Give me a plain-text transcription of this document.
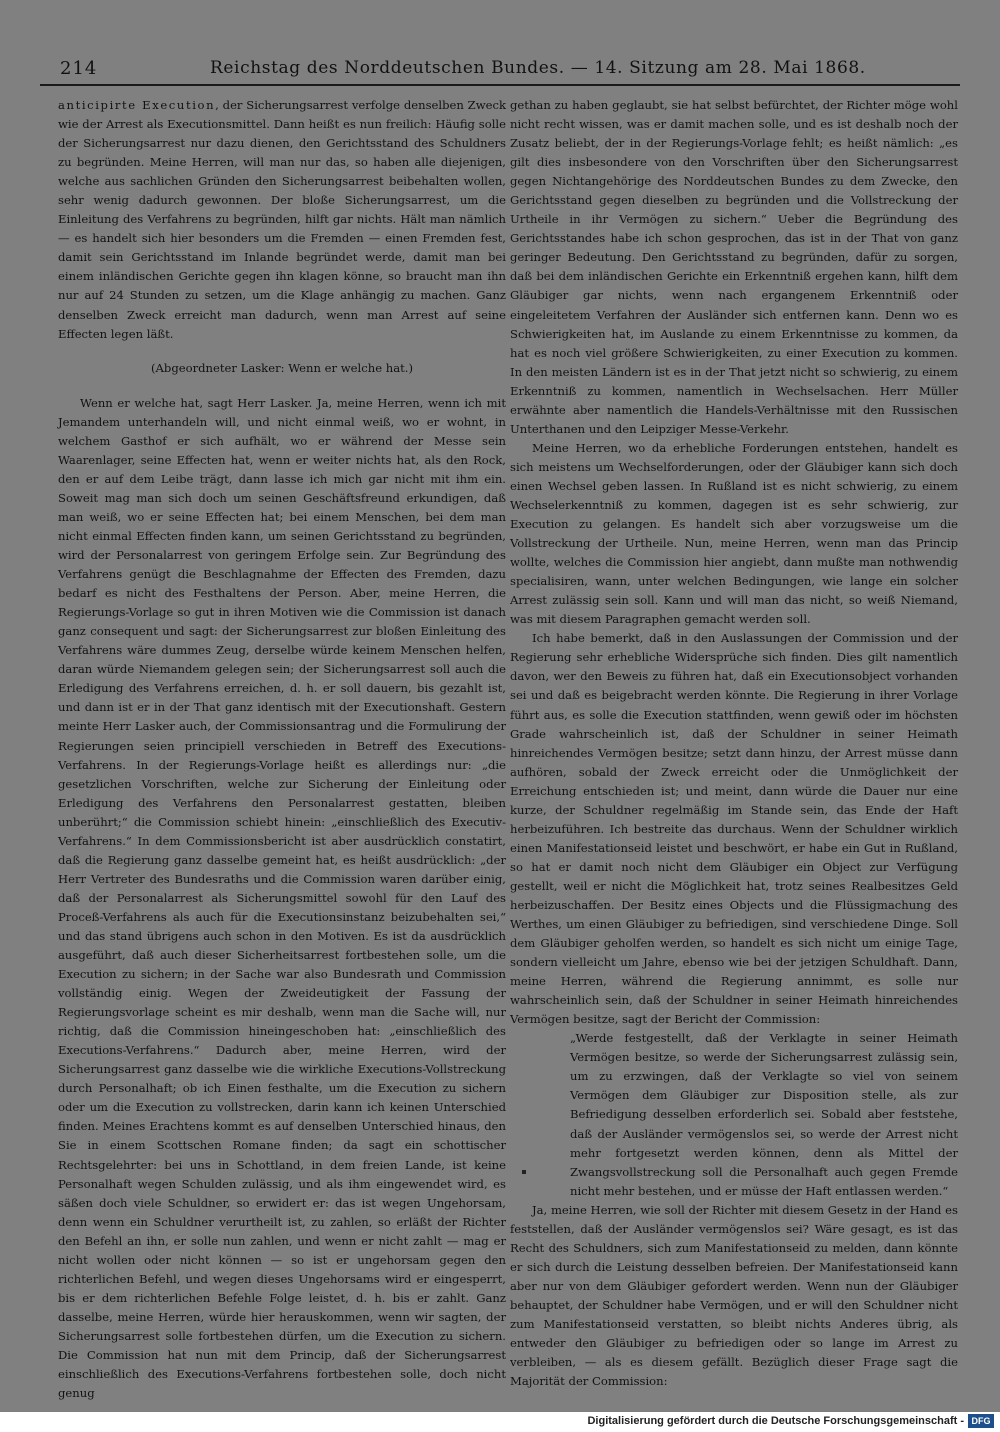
214	Reichstag des Norddeutschen Bundes. — 14. Sitzung am 28. Mai 1868.

anticipirte Execution, der Sicherungsarrest verfolge denselben Zweck wie der Arrest als Executionsmittel. Dann heißt es nun freilich: Häufig solle der Sicherungsarrest nur dazu dienen, den Gerichtsstand des Schuldners zu begründen. Meine Herren, will man nur das, so haben alle diejenigen, welche aus sachlichen Gründen den Sicherungsarrest beibehalten wollen, sehr wenig dadurch gewonnen. Der bloße Sicherungsarrest, um die Einleitung des Verfahrens zu begründen, hilft gar nichts. Hält man nämlich — es handelt sich hier besonders um die Fremden — einen Fremden fest, damit sein Gerichtsstand im Inlande begründet werde, damit man bei einem inländischen Gerichte gegen ihn klagen könne, so braucht man ihn nur auf 24 Stunden zu setzen, um die Klage anhängig zu machen. Ganz denselben Zweck erreicht man dadurch, wenn man Arrest auf seine Effecten legen läßt.

(Abgeordneter Lasker: Wenn er welche hat.)

Wenn er welche hat, sagt Herr Lasker. Ja, meine Herren, wenn ich mit Jemandem unterhandeln will, und nicht einmal weiß, wo er wohnt, in welchem Gasthof er sich aufhält, wo er während der Messe sein Waarenlager, seine Effecten hat, wenn er weiter nichts hat, als den Rock, den er auf dem Leibe trägt, dann lasse ich mich gar nicht mit ihm ein. Soweit mag man sich doch um seinen Geschäftsfreund erkundigen, daß man weiß, wo er seine Effecten hat; bei einem Menschen, bei dem man nicht einmal Effecten finden kann, um seinen Gerichtsstand zu begründen, wird der Personalarrest von geringem Erfolge sein. Zur Begründung des Verfahrens genügt die Beschlagnahme der Effecten des Fremden, dazu bedarf es nicht des Festhaltens der Person. Aber, meine Herren, die Regierungs-Vorlage so gut in ihren Motiven wie die Commission ist danach ganz consequent und sagt: der Sicherungsarrest zur bloßen Einleitung des Verfahrens wäre dummes Zeug, derselbe würde keinem Menschen helfen, daran würde Niemandem gelegen sein; der Sicherungsarrest soll auch die Erledigung des Verfahrens erreichen, d. h. er soll dauern, bis gezahlt ist, und dann ist er in der That ganz identisch mit der Executionshaft. Gestern meinte Herr Lasker auch, der Commissionsantrag und die Formulirung der Regierungen seien principiell verschieden in Betreff des Executions-Verfahrens. In der Regierungs-Vorlage heißt es allerdings nur: „die gesetzlichen Vorschriften, welche zur Sicherung der Einleitung oder Erledigung des Verfahrens den Personalarrest gestatten, bleiben unberührt;“ die Commission schiebt hinein: „einschließlich des Executiv-Verfahrens.“ In dem Commissionsbericht ist aber ausdrücklich constatirt, daß die Regierung ganz dasselbe gemeint hat, es heißt ausdrücklich: „der Herr Vertreter des Bundesraths und die Commission waren darüber einig, daß der Personalarrest als Sicherungsmittel sowohl für den Lauf des Proceß-Verfahrens als auch für die Executionsinstanz beizubehalten sei,“ und das stand übrigens auch schon in den Motiven. Es ist da ausdrücklich ausgeführt, daß auch dieser Sicherheitsarrest fortbestehen solle, um die Execution zu sichern; in der Sache war also Bundesrath und Commission vollständig einig. Wegen der Zweideutigkeit der Fassung der Regierungsvorlage scheint es mir deshalb, wenn man die Sache will, nur richtig, daß die Commission hineingeschoben hat: „einschließlich des Executions-Verfahrens.“ Dadurch aber, meine Herren, wird der Sicherungsarrest ganz dasselbe wie die wirkliche Executions-Vollstreckung durch Personalhaft; ob ich Einen festhalte, um die Execution zu sichern oder um die Execution zu vollstrecken, darin kann ich keinen Unterschied finden. Meines Erachtens kommt es auf denselben Unterschied hinaus, den Sie in einem Scottschen Romane finden; da sagt ein schottischer Rechtsgelehrter: bei uns in Schottland, in dem freien Lande, ist keine Personalhaft wegen Schulden zulässig, und als ihm eingewendet wird, es säßen doch viele Schuldner, so erwidert er: das ist wegen Ungehorsam, denn wenn ein Schuldner verurtheilt ist, zu zahlen, so erläßt der Richter den Befehl an ihn, er solle nun zahlen, und wenn er nicht zahlt — mag er nicht wollen oder nicht können — so ist er ungehorsam gegen den richterlichen Befehl, und wegen dieses Ungehorsams wird er eingesperrt, bis er dem richterlichen Befehle Folge leistet, d. h. bis er zahlt. Ganz dasselbe, meine Herren, würde hier herauskommen, wenn wir sagten, der Sicherungsarrest solle fortbestehen dürfen, um die Execution zu sichern. Die Commission hat nun mit dem Princip, daß der Sicherungsarrest einschließlich des Executions-Verfahrens fortbestehen solle, doch nicht genug

gethan zu haben geglaubt, sie hat selbst befürchtet, der Richter möge wohl nicht recht wissen, was er damit machen solle, und es ist deshalb noch der Zusatz beliebt, der in der Regierungs-Vorlage fehlt; es heißt nämlich: „es gilt dies insbesondere von den Vorschriften über den Sicherungsarrest gegen Nichtangehörige des Norddeutschen Bundes zu dem Zwecke, den Gerichtsstand gegen dieselben zu begründen und die Vollstreckung der Urtheile in ihr Vermögen zu sichern.“ Ueber die Begründung des Gerichtsstandes habe ich schon gesprochen, das ist in der That von ganz geringer Bedeutung. Den Gerichtsstand zu begründen, dafür zu sorgen, daß bei dem inländischen Gerichte ein Erkenntniß ergehen kann, hilft dem Gläubiger gar nichts, wenn nach ergangenem Erkenntniß oder eingeleitetem Verfahren der Ausländer sich entfernen kann. Denn wo es Schwierigkeiten hat, im Auslande zu einem Erkenntnisse zu kommen, da hat es noch viel größere Schwierigkeiten, zu einer Execution zu kommen. In den meisten Ländern ist es in der That jetzt nicht so schwierig, zu einem Erkenntniß zu kommen, namentlich in Wechselsachen. Herr Müller erwähnte aber namentlich die Handels-Verhältnisse mit den Russischen Unterthanen und den Leipziger Messe-Verkehr.

Meine Herren, wo da erhebliche Forderungen entstehen, handelt es sich meistens um Wechselforderungen, oder der Gläubiger kann sich doch einen Wechsel geben lassen. In Rußland ist es nicht schwierig, zu einem Wechselerkenntniß zu kommen, dagegen ist es sehr schwierig, zur Execution zu gelangen. Es handelt sich aber vorzugsweise um die Vollstreckung der Urtheile. Nun, meine Herren, wenn man das Princip wollte, welches die Commission hier angiebt, dann mußte man nothwendig specialisiren, wann, unter welchen Bedingungen, wie lange ein solcher Arrest zulässig sein soll. Kann und will man das nicht, so weiß Niemand, was mit diesem Paragraphen gemacht werden soll.

Ich habe bemerkt, daß in den Auslassungen der Commission und der Regierung sehr erhebliche Widersprüche sich finden. Dies gilt namentlich davon, wer den Beweis zu führen hat, daß ein Executionsobject vorhanden sei und daß es beigebracht werden könnte. Die Regierung in ihrer Vorlage führt aus, es solle die Execution stattfinden, wenn gewiß oder im höchsten Grade wahrscheinlich ist, daß der Schuldner in seiner Heimath hinreichendes Vermögen besitze; setzt dann hinzu, der Arrest müsse dann aufhören, sobald der Zweck erreicht oder die Unmöglichkeit der Erreichung entschieden ist; und meint, dann würde die Dauer nur eine kurze, der Schuldner regelmäßig im Stande sein, das Ende der Haft herbeizuführen. Ich bestreite das durchaus. Wenn der Schuldner wirklich einen Manifestationseid leistet und beschwört, er habe ein Gut in Rußland, so hat er damit noch nicht dem Gläubiger ein Object zur Verfügung gestellt, weil er nicht die Möglichkeit hat, trotz seines Realbesitzes Geld herbeizuschaffen. Der Besitz eines Objects und die Flüssigmachung des Werthes, um einen Gläubiger zu befriedigen, sind verschiedene Dinge. Soll dem Gläubiger geholfen werden, so handelt es sich nicht um einige Tage, sondern vielleicht um Jahre, ebenso wie bei der jetzigen Schuldhaft. Dann, meine Herren, während die Regierung annimmt, es solle nur wahrscheinlich sein, daß der Schuldner in seiner Heimath hinreichendes Vermögen besitze, sagt der Bericht der Commission:

„Werde festgestellt, daß der Verklagte in seiner Heimath Vermögen besitze, so werde der Sicherungsarrest zulässig sein, um zu erzwingen, daß der Verklagte so viel von seinem Vermögen dem Gläubiger zur Disposition stelle, als zur Befriedigung desselben erforderlich sei. Sobald aber feststehe, daß der Ausländer vermögenslos sei, so werde der Arrest nicht mehr fortgesetzt werden können, denn als Mittel der Zwangsvollstreckung soll die Personalhaft auch gegen Fremde nicht mehr bestehen, und er müsse der Haft entlassen werden.“

Ja, meine Herren, wie soll der Richter mit diesem Gesetz in der Hand es feststellen, daß der Ausländer vermögenslos sei? Wäre gesagt, es ist das Recht des Schuldners, sich zum Manifestationseid zu melden, dann könnte er sich durch die Leistung desselben befreien. Der Manifestationseid kann aber nur von dem Gläubiger gefordert werden. Wenn nun der Gläubiger behauptet, der Schuldner habe Vermögen, und er will den Schuldner nicht zum Manifestationseid verstatten, so bleibt nichts Anderes übrig, als entweder den Gläubiger zu befriedigen oder so lange im Arrest zu verbleiben, — als es diesem gefällt. Bezüglich dieser Frage sagt die Majorität der Commission:

Digitalisierung gefördert durch die Deutsche Forschungsgemeinschaft - DFG
